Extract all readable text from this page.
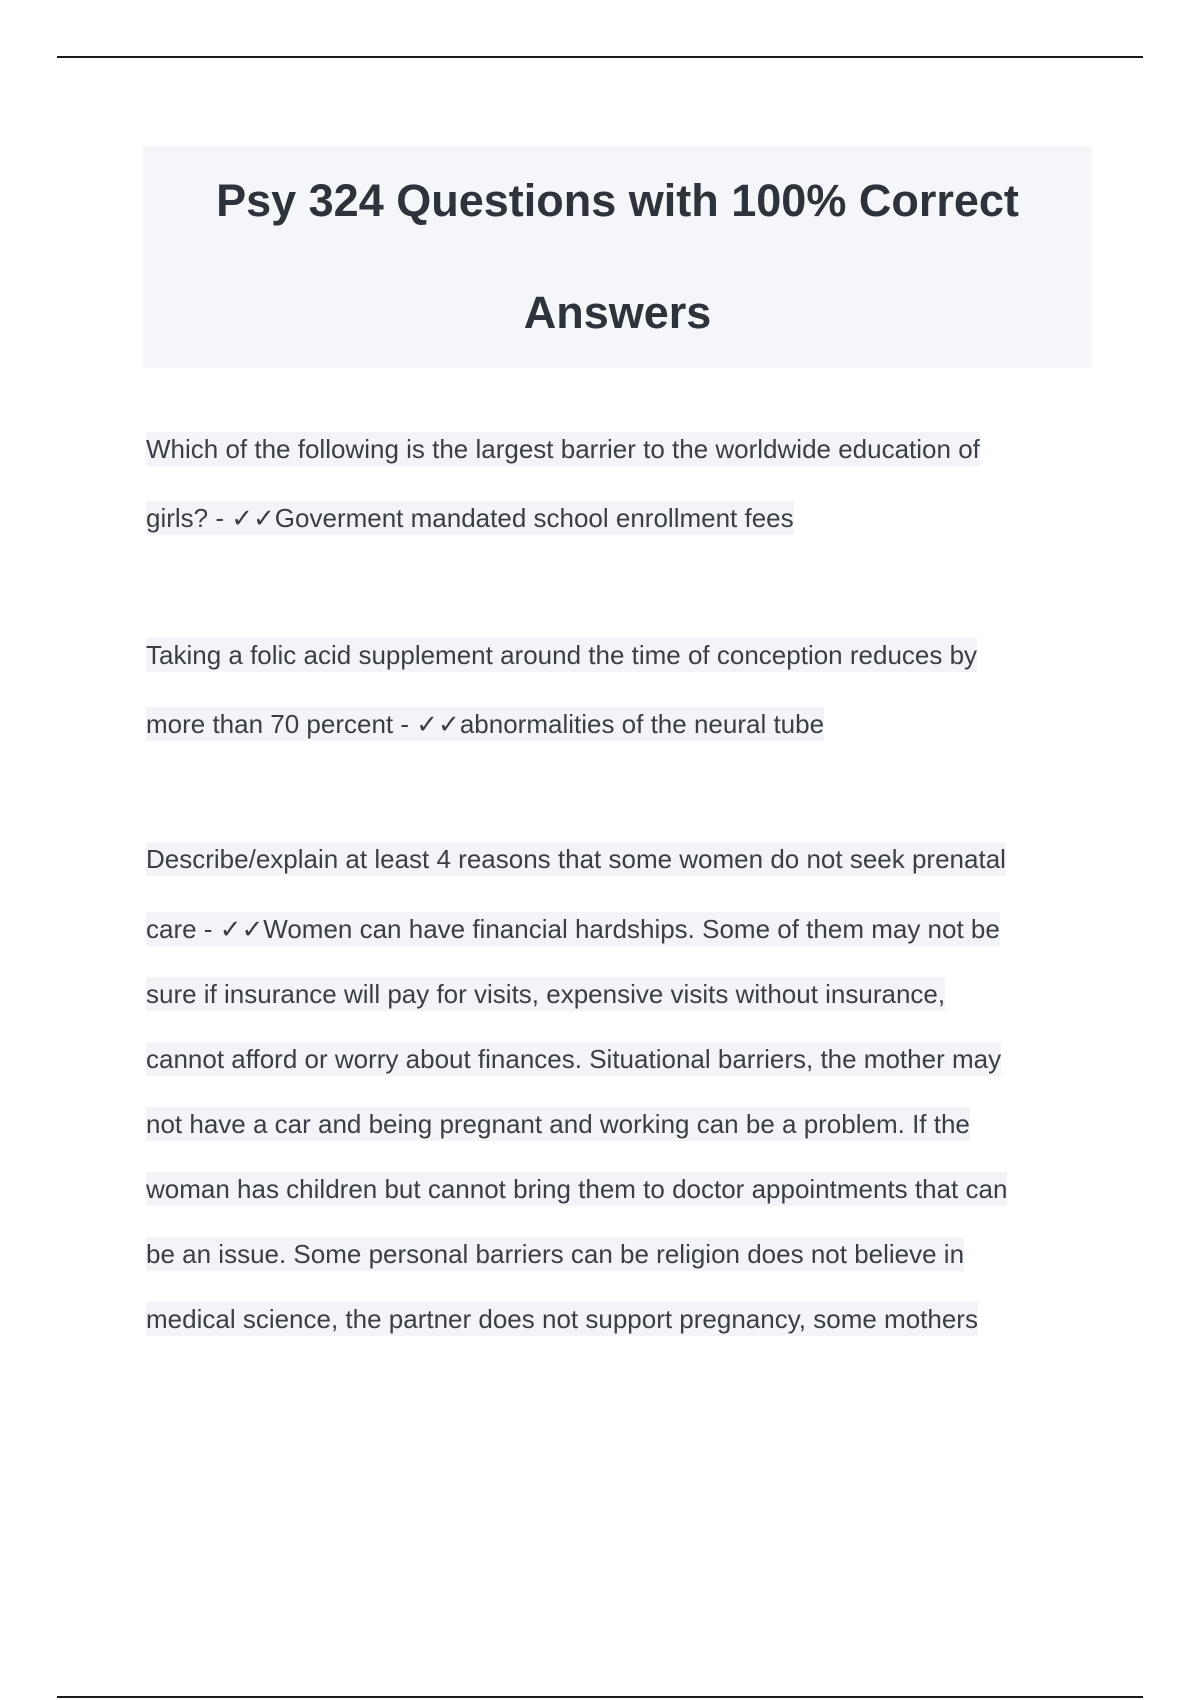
Psy 324 Questions with 100% Correct
Answers
Which of the following is the largest barrier to the worldwide education of
girls? - ✓✓Goverment mandated school enrollment fees
Taking a folic acid supplement around the time of conception reduces by
more than 70 percent - ✓✓abnormalities of the neural tube
Describe/explain at least 4 reasons that some women do not seek prenatal
care - ✓✓Women can have financial hardships. Some of them may not be
sure if insurance will pay for visits, expensive visits without insurance,
cannot afford or worry about finances. Situational barriers, the mother may
not have a car and being pregnant and working can be a problem. If the
woman has children but cannot bring them to doctor appointments that can
be an issue. Some personal barriers can be religion does not believe in
medical science, the partner does not support pregnancy, some mothers
